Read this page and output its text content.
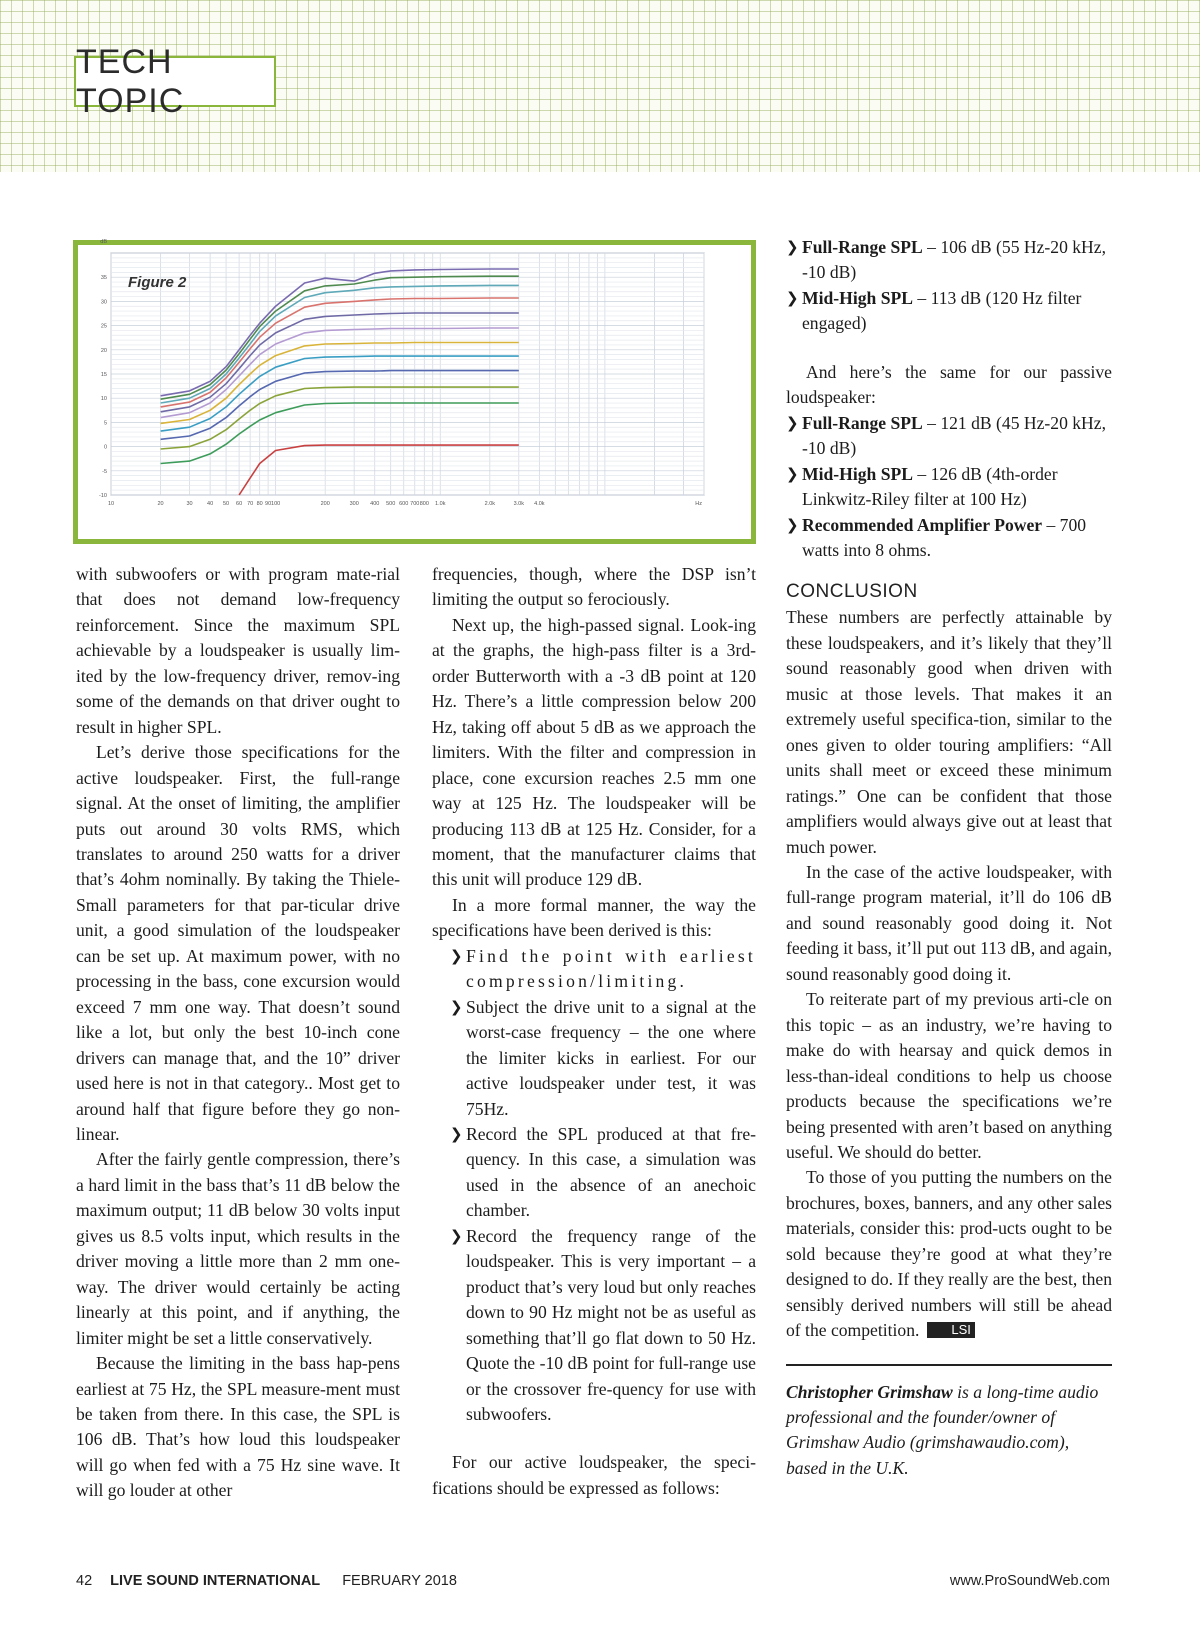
TECH TOPIC
10	20	30	40 50 60 70 80 90 100	200	300 400 500 600 700 800 1.0k	2.0k	3.0k 4.0k	Hz
dB
35
30
25
20
15
10
5
0
-5
-10
Figure 2

with subwoofers or with program mate-rial that does not demand low-frequency reinforcement. Since the maximum SPL achievable by a loudspeaker is usually lim-ited by the low-frequency driver, remov-ing some of the demands on that driver ought to result in higher SPL.

Let’s derive those specifications for the active loudspeaker. First, the full-range signal. At the onset of limiting, the amplifier puts out around 30 volts RMS, which translates to around 250 watts for a driver that’s 4ohm nominally. By taking the Thiele-Small parameters for that par-ticular drive unit, a good simulation of the loudspeaker can be set up. At maximum power, with no processing in the bass, cone excursion would exceed 7 mm one way. That doesn’t sound like a lot, but only the best 10-inch cone drivers can manage that, and the 10” driver used here is not in that category.. Most get to around half that figure before they go non-linear.

After the fairly gentle compression, there’s a hard limit in the bass that’s 11 dB below the maximum output; 11 dB below 30 volts input gives us 8.5 volts input, which results in the driver moving a little more than 2 mm one-way. The driver would certainly be acting linearly at this point, and if anything, the limiter might be set a little conservatively.

Because the limiting in the bass hap-pens earliest at 75 Hz, the SPL measure-ment must be taken from there. In this case, the SPL is 106 dB. That’s how loud this loudspeaker will go when fed with a 75 Hz sine wave. It will go louder at other

frequencies, though, where the DSP isn’t limiting the output so ferociously.

Next up, the high-passed signal. Look-ing at the graphs, the high-pass filter is a 3rd-order Butterworth with a -3 dB point at 120 Hz. There’s a little compression below 200 Hz, taking off about 5 dB as we approach the limiters. With the filter and compression in place, cone excursion reaches 2.5 mm one way at 125 Hz. The loudspeaker will be producing 113 dB at 125 Hz. Consider, for a moment, that the manufacturer claims that this unit will produce 129 dB.

In a more formal manner, the way the specifications have been derived is this:

❯ Find the point with earliest compression/limiting.
❯ Subject the drive unit to a signal at the worst-case frequency – the one where the limiter kicks in earliest. For our active loudspeaker under test, it was 75Hz.
❯ Record the SPL produced at that fre-quency. In this case, a simulation was used in the absence of an anechoic chamber.
❯ Record the frequency range of the loudspeaker. This is very important – a product that’s very loud but only reaches down to 90 Hz might not be as useful as something that’ll go flat down to 50 Hz. Quote the -10 dB point for full-range use or the crossover fre-quency for use with subwoofers.

For our active loudspeaker, the speci-fications should be expressed as follows:

❯ Full-Range SPL – 106 dB (55 Hz-20 kHz, -10 dB)
❯ Mid-High SPL – 113 dB (120 Hz filter engaged)

And here’s the same for our passive loudspeaker:

❯ Full-Range SPL – 121 dB (45 Hz-20 kHz, -10 dB)
❯ Mid-High SPL – 126 dB (4th-order Linkwitz-Riley filter at 100 Hz)
❯ Recommended Amplifier Power – 700 watts into 8 ohms.
CONCLUSION

These numbers are perfectly attainable by these loudspeakers, and it’s likely that they’ll sound reasonably good when driven with music at those levels. That makes it an extremely useful specifica-tion, similar to the ones given to older touring amplifiers: “All units shall meet or exceed these minimum ratings.” One can be confident that those amplifiers would always give out at least that much power.

In the case of the active loudspeaker, with full-range program material, it’ll do 106 dB and sound reasonably good doing it. Not feeding it bass, it’ll put out 113 dB, and again, sound reasonably good doing it.

To reiterate part of my previous arti-cle on this topic – as an industry, we’re having to make do with hearsay and quick demos in less-than-ideal conditions to help us choose products because the specifications we’re being presented with aren’t based on anything useful. We should do better.

To those of you putting the numbers on the brochures, boxes, banners, and any other sales materials, consider this: prod-ucts ought to be sold because they’re good at what they’re designed to do. If they really are the best, then sensibly derived numbers will still be ahead of the competition. LSI

Christopher Grimshaw is a long-time audio professional and the founder/owner of Grimshaw Audio (grimshawaudio.com), based in the U.K.

42 LIVE SOUND INTERNATIONAL FEBRUARY 2018	www.ProSoundWeb.com
